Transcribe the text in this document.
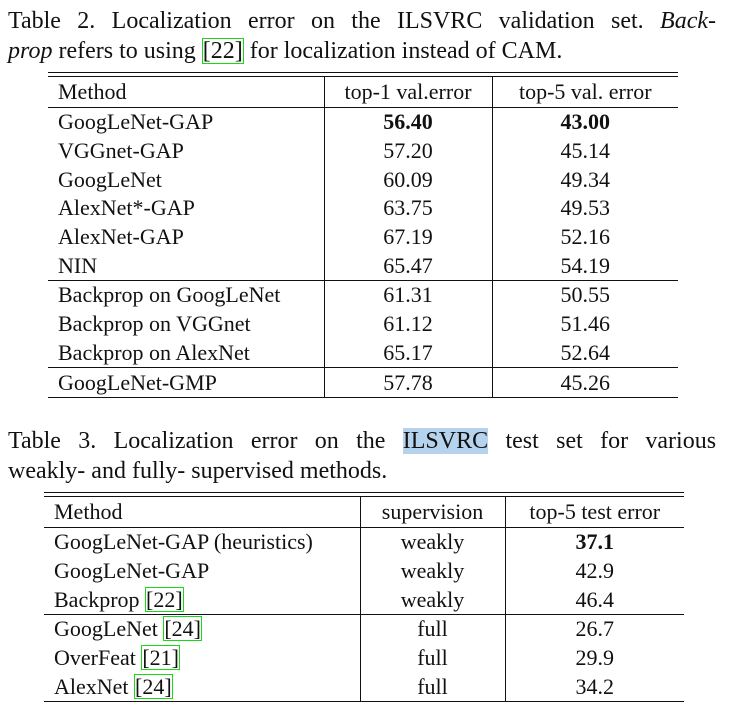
Table 2. Localization error on the ILSVRC validation set. Back-
prop refers to using [22] for localization instead of CAM.
Method	top-1 val.error	top-5 val. error
GoogLeNet-GAP	56.40	43.00
VGGnet-GAP	57.20	45.14
GoogLeNet	60.09	49.34
AlexNet*-GAP	63.75	49.53
AlexNet-GAP	67.19	52.16
NIN	65.47	54.19
Backprop on GoogLeNet	61.31	50.55
Backprop on VGGnet	61.12	51.46
Backprop on AlexNet	65.17	52.64
GoogLeNet-GMP	57.78	45.26
Table 3. Localization error on the ILSVRC test set for various
weakly- and fully- supervised methods.
Method	supervision	top-5 test error
GoogLeNet-GAP (heuristics)	weakly	37.1
GoogLeNet-GAP	weakly	42.9
Backprop [22]	weakly	46.4
GoogLeNet [24]	full	26.7
OverFeat [21]	full	29.9
AlexNet [24]	full	34.2
